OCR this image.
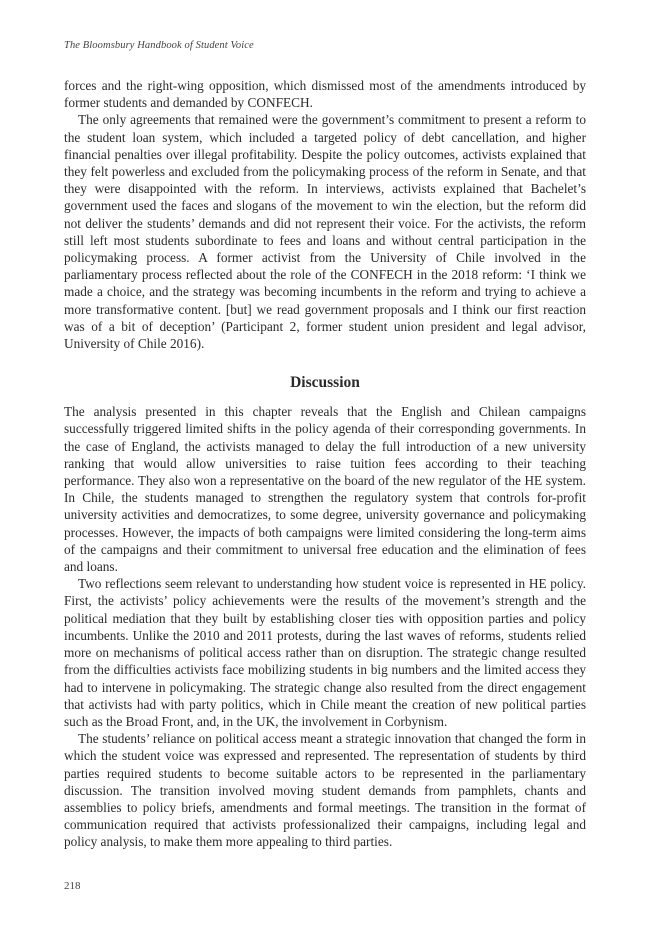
The Bloomsbury Handbook of Student Voice

forces and the right-wing opposition, which dismissed most of the amendments introduced by former students and demanded by CONFECH.

The only agreements that remained were the government’s commitment to present a reform to the student loan system, which included a targeted policy of debt cancellation, and higher financial penalties over illegal profitability. Despite the policy outcomes, activists explained that they felt powerless and excluded from the policymaking process of the reform in Senate, and that they were disappointed with the reform. In interviews, activists explained that Bachelet’s government used the faces and slogans of the movement to win the election, but the reform did not deliver the students’ demands and did not represent their voice. For the activists, the reform still left most students subordinate to fees and loans and without central participation in the policymaking process. A former activist from the University of Chile involved in the parliamentary process reflected about the role of the CONFECH in the 2018 reform: ‘I think we made a choice, and the strategy was becoming incumbents in the reform and trying to achieve a more transformative content. [but] we read government proposals and I think our first reaction was of a bit of deception’ (Participant 2, former student union president and legal advisor, University of Chile 2016).

Discussion

The analysis presented in this chapter reveals that the English and Chilean campaigns successfully triggered limited shifts in the policy agenda of their corresponding governments. In the case of England, the activists managed to delay the full introduction of a new university ranking that would allow universities to raise tuition fees according to their teaching performance. They also won a representative on the board of the new regulator of the HE system. In Chile, the students managed to strengthen the regulatory system that controls for-profit university activities and democratizes, to some degree, university governance and policymaking processes. However, the impacts of both campaigns were limited considering the long-term aims of the campaigns and their commitment to universal free education and the elimination of fees and loans.

Two reflections seem relevant to understanding how student voice is represented in HE policy. First, the activists’ policy achievements were the results of the movement’s strength and the political mediation that they built by establishing closer ties with opposition parties and policy incumbents. Unlike the 2010 and 2011 protests, during the last waves of reforms, students relied more on mechanisms of political access rather than on disruption. The strategic change resulted from the difficulties activists face mobilizing students in big numbers and the limited access they had to intervene in policymaking. The strategic change also resulted from the direct engagement that activists had with party politics, which in Chile meant the creation of new political parties such as the Broad Front, and, in the UK, the involvement in Corbynism.

The students’ reliance on political access meant a strategic innovation that changed the form in which the student voice was expressed and represented. The representation of students by third parties required students to become suitable actors to be represented in the parliamentary discussion. The transition involved moving student demands from pamphlets, chants and assemblies to policy briefs, amendments and formal meetings. The transition in the format of communication required that activists professionalized their campaigns, including legal and policy analysis, to make them more appealing to third parties.

218
